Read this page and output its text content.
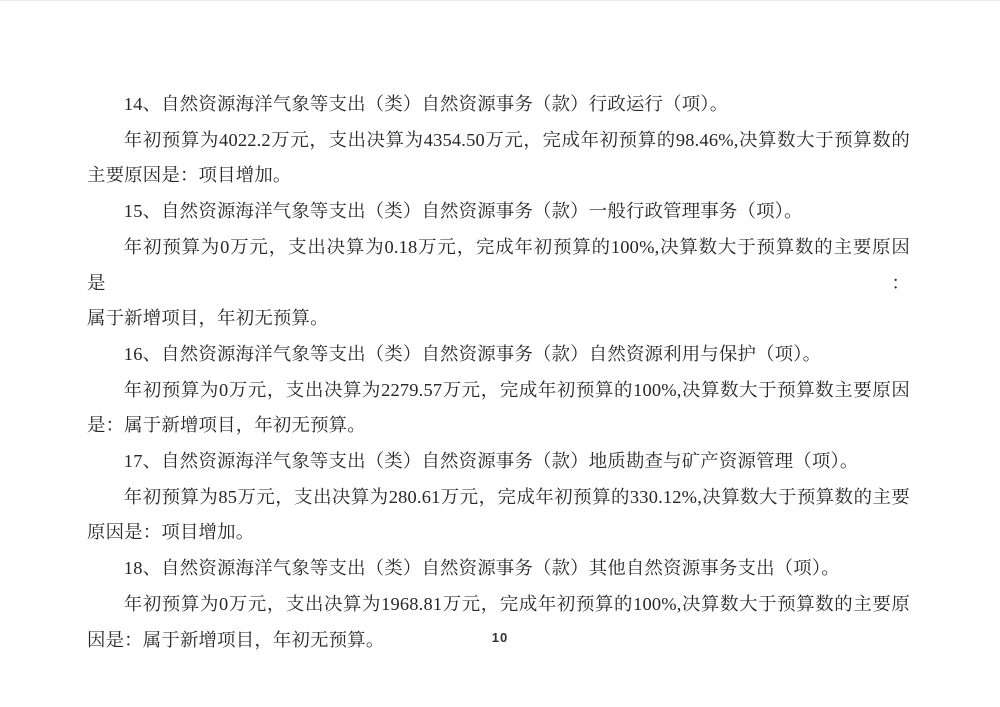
14、自然资源海洋气象等支出（类）自然资源事务（款）行政运行（项）。
年初预算为4022.2万元，支出决算为4354.50万元，完成年初预算的98.46%,决算数大于预算数的
主要原因是：项目增加。
15、自然资源海洋气象等支出（类）自然资源事务（款）一般行政管理事务（项）。
年初预算为0万元，支出决算为0.18万元，完成年初预算的100%,决算数大于预算数的主要原因是：
属于新增项目，年初无预算。
16、自然资源海洋气象等支出（类）自然资源事务（款）自然资源利用与保护（项）。
年初预算为0万元，支出决算为2279.57万元，完成年初预算的100%,决算数大于预算数主要原因
是：属于新增项目，年初无预算。
17、自然资源海洋气象等支出（类）自然资源事务（款）地质勘查与矿产资源管理（项）。
年初预算为85万元，支出决算为280.61万元，完成年初预算的330.12%,决算数大于预算数的主要
原因是：项目增加。
18、自然资源海洋气象等支出（类）自然资源事务（款）其他自然资源事务支出（项）。
年初预算为0万元，支出决算为1968.81万元，完成年初预算的100%,决算数大于预算数的主要原
因是：属于新增项目，年初无预算。	10
